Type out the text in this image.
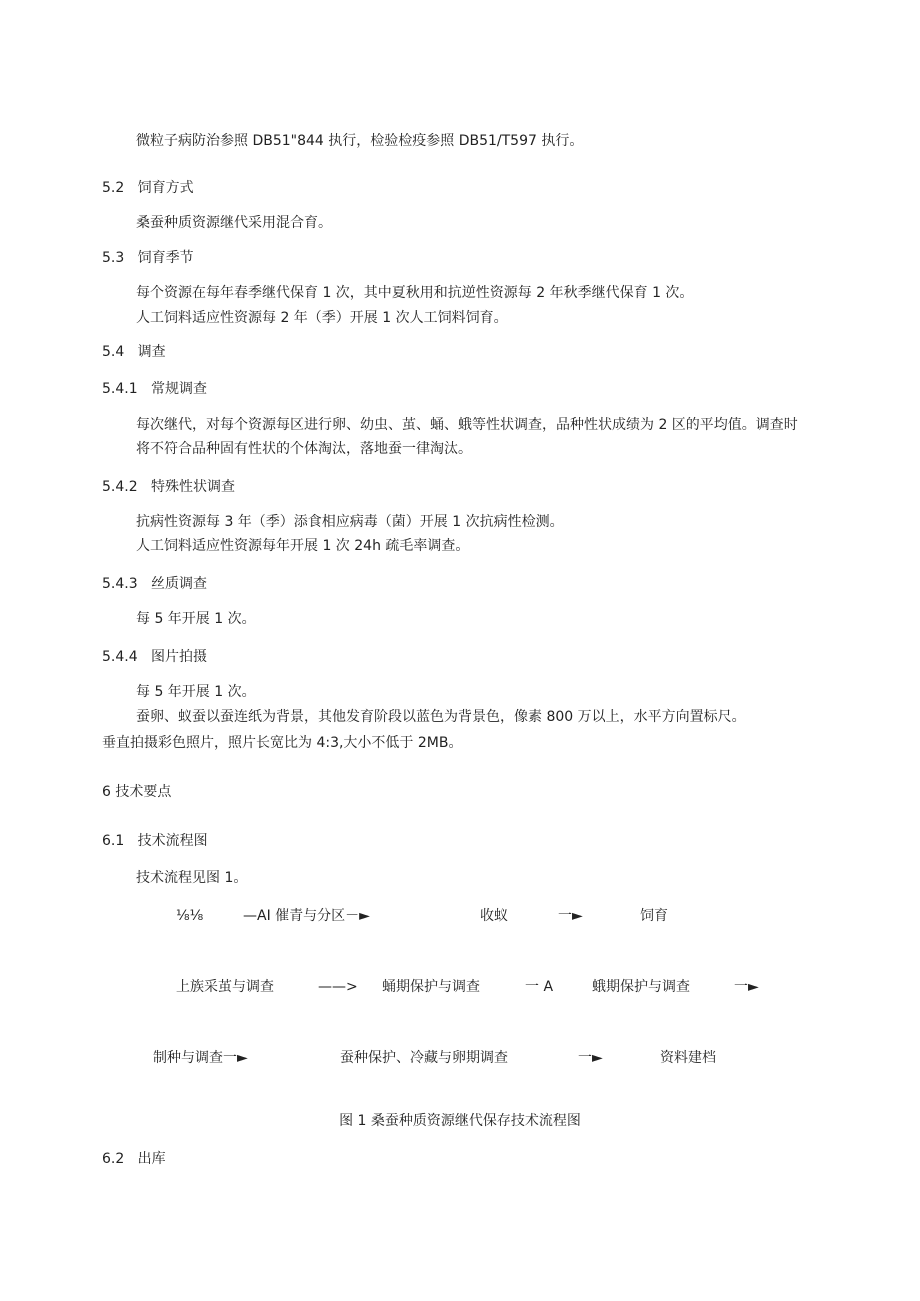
微粒子病防治参照 DB51"844 执行，检验检疫参照 DB51/T597 执行。
5.2 饲育方式
桑蚕种质资源继代采用混合育。
5.3 饲育季节
每个资源在每年春季继代保育 1 次，其中夏秋用和抗逆性资源每 2 年秋季继代保育 1 次。
人工饲料适应性资源每 2 年（季）开展 1 次人工饲料饲育。
5.4 调查
5.4.1 常规调查
每次继代，对每个资源每区进行卵、幼虫、茧、蛹、蛾等性状调查，品种性状成绩为 2 区的平均值。调查时
将不符合品种固有性状的个体淘汰，落地蚕一律淘汰。
5.4.2 特殊性状调查
抗病性资源每 3 年（季）添食相应病毒（菌）开展 1 次抗病性检测。
人工饲料适应性资源每年开展 1 次 24h 疏毛率调查。
5.4.3 丝质调查
每 5 年开展 1 次。
5.4.4 图片拍摄
每 5 年开展 1 次。
蚕卵、蚁蚕以蚕连纸为背景，其他发育阶段以蓝色为背景色，像素 800 万以上，水平方向置标尺。
垂直拍摄彩色照片，照片长宽比为 4:3,大小不低于 2MB。
6 技术要点
6.1 技术流程图
技术流程见图 1。
⅛⅛	—AI 催青与分区－►	收蚁	一►	饲育
上族采茧与调查	——> 蛹期保护与调查	一 A	蛾期保护与调查	一►
制种与调查一►	蚕种保护、冷藏与卵期调查	一►	资料建档
图 1 桑蚕种质资源继代保存技术流程图
6.2 出库
